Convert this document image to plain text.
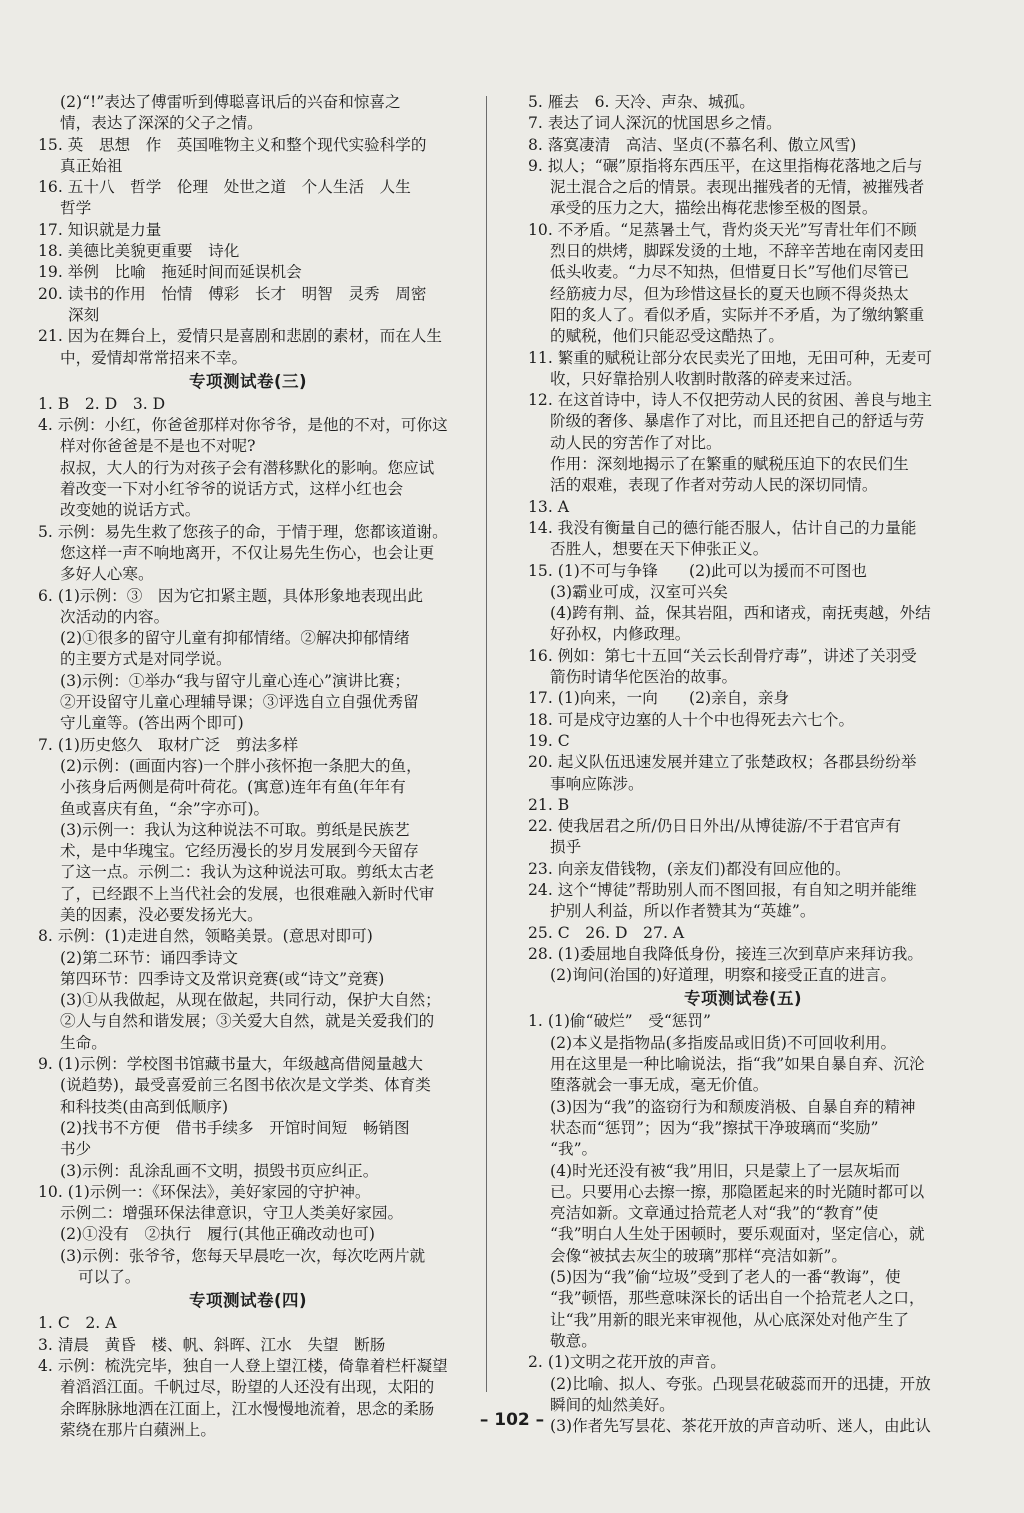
(2)“!”表达了傅雷听到傅聪喜讯后的兴奋和惊喜之
情，表达了深深的父子之情。
15. 英　思想　作　英国唯物主义和整个现代实验科学的
真正始祖
16. 五十八　哲学　伦理　处世之道　个人生活　人生
哲学
17. 知识就是力量
18. 美德比美貌更重要　诗化
19. 举例　比喻　拖延时间而延误机会
20. 读书的作用　怡情　傅彩　长才　明智　灵秀　周密
深刻
21. 因为在舞台上，爱情只是喜剧和悲剧的素材，而在人生
中，爱情却常常招来不幸。
专项测试卷(三)
1. B　2. D　3. D
4. 示例：小红，你爸爸那样对你爷爷，是他的不对，可你这
样对你爸爸是不是也不对呢?
叔叔，大人的行为对孩子会有潜移默化的影响。您应试
着改变一下对小红爷爷的说话方式，这样小红也会
改变她的说话方式。
5. 示例：易先生救了您孩子的命，于情于理，您都该道谢。
您这样一声不响地离开，不仅让易先生伤心，也会让更
多好人心寒。
6. (1)示例：③　因为它扣紧主题，具体形象地表现出此
次活动的内容。
(2)①很多的留守儿童有抑郁情绪。②解决抑郁情绪
的主要方式是对同学说。
(3)示例：①举办“我与留守儿童心连心”演讲比赛；
②开设留守儿童心理辅导课；③评选自立自强优秀留
守儿童等。(答出两个即可)
7. (1)历史悠久　取材广泛　剪法多样
(2)示例：(画面内容)一个胖小孩怀抱一条肥大的鱼，
小孩身后两侧是荷叶荷花。(寓意)连年有鱼(年年有
鱼或喜庆有鱼，“余”字亦可)。
(3)示例一：我认为这种说法不可取。剪纸是民族艺
术，是中华瑰宝。它经历漫长的岁月发展到今天留存
了这一点。示例二：我认为这种说法可取。剪纸太古老
了，已经跟不上当代社会的发展，也很难融入新时代审
美的因素，没必要发扬光大。
8. 示例：(1)走进自然，领略美景。(意思对即可)
(2)第二环节：诵四季诗文
第四环节：四季诗文及常识竞赛(或“诗文”竞赛)
(3)①从我做起，从现在做起，共同行动，保护大自然；
②人与自然和谐发展；③关爱大自然，就是关爱我们的
生命。
9. (1)示例：学校图书馆藏书量大，年级越高借阅量越大
(说趋势)，最受喜爱前三名图书依次是文学类、体育类
和科技类(由高到低顺序)
(2)找书不方便　借书手续多　开馆时间短　畅销图
书少
(3)示例：乱涂乱画不文明，损毁书页应纠正。
10. (1)示例一：《环保法》，美好家园的守护神。
示例二：增强环保法律意识，守卫人类美好家园。
(2)①没有　②执行　履行(其他正确改动也可)
(3)示例：张爷爷，您每天早晨吃一次，每次吃两片就
可以了。
专项测试卷(四)
1. C　2. A
3. 清晨　黄昏　楼、帆、斜晖、江水　失望　断肠
4. 示例：梳洗完毕，独自一人登上望江楼，倚靠着栏杆凝望
着滔滔江面。千帆过尽，盼望的人还没有出现，太阳的
余晖脉脉地洒在江面上，江水慢慢地流着，思念的柔肠
萦绕在那片白蘋洲上。
5. 雁去　6. 天冷、声杂、城孤。
7. 表达了词人深沉的忧国思乡之情。
8. 落寞凄清　高洁、坚贞(不慕名利、傲立风雪)
9. 拟人；“碾”原指将东西压平，在这里指梅花落地之后与
泥土混合之后的情景。表现出摧残者的无情，被摧残者
承受的压力之大，描绘出梅花悲惨至极的图景。
10. 不矛盾。“足蒸暑土气，背灼炎天光”写青壮年们不顾
烈日的烘烤，脚踩发烫的土地，不辞辛苦地在南冈麦田
低头收麦。“力尽不知热，但惜夏日长”写他们尽管已
经筋疲力尽，但为珍惜这昼长的夏天也顾不得炎热太
阳的炙人了。看似矛盾，实际并不矛盾，为了缴纳繁重
的赋税，他们只能忍受这酷热了。
11. 繁重的赋税让部分农民卖光了田地，无田可种，无麦可
收，只好靠拾别人收割时散落的碎麦来过活。
12. 在这首诗中，诗人不仅把劳动人民的贫困、善良与地主
阶级的奢侈、暴虐作了对比，而且还把自己的舒适与劳
动人民的穷苦作了对比。
作用：深刻地揭示了在繁重的赋税压迫下的农民们生
活的艰难，表现了作者对劳动人民的深切同情。
13. A
14. 我没有衡量自己的德行能否服人，估计自己的力量能
否胜人，想要在天下伸张正义。
15. (1)不可与争锋　　(2)此可以为援而不可图也
(3)霸业可成，汉室可兴矣
(4)跨有荆、益，保其岩阻，西和诸戎，南抚夷越，外结
好孙权，内修政理。
16. 例如：第七十五回“关云长刮骨疗毒”，讲述了关羽受
箭伤时请华佗医治的故事。
17. (1)向来，一向　　(2)亲自，亲身
18. 可是戍守边塞的人十个中也得死去六七个。
19. C
20. 起义队伍迅速发展并建立了张楚政权；各郡县纷纷举
事响应陈涉。
21. B
22. 使我居君之所/仍日日外出/从博徒游/不于君官声有
损乎
23. 向亲友借钱物，(亲友们)都没有回应他的。
24. 这个“博徒”帮助别人而不图回报，有自知之明并能维
护别人利益，所以作者赞其为“英雄”。
25. C　26. D　27. A
28. (1)委屈地自我降低身份，接连三次到草庐来拜访我。
(2)询问(治国的)好道理，明察和接受正直的进言。
专项测试卷(五)
1. (1)偷“破烂”　受“惩罚”
(2)本义是指物品(多指废品或旧货)不可回收利用。
用在这里是一种比喻说法，指“我”如果自暴自弃、沉沦
堕落就会一事无成，毫无价值。
(3)因为“我”的盗窃行为和颓废消极、自暴自弃的精神
状态而“惩罚”；因为“我”擦拭干净玻璃而“奖励”
“我”。
(4)时光还没有被“我”用旧，只是蒙上了一层灰垢而
已。只要用心去擦一擦，那隐匿起来的时光随时都可以
亮洁如新。文章通过拾荒老人对“我”的“教育”使
“我”明白人生处于困顿时，要乐观面对，坚定信心，就
会像“被拭去灰尘的玻璃”那样“亮洁如新”。
(5)因为“我”偷“垃圾”受到了老人的一番“教诲”，使
“我”顿悟，那些意味深长的话出自一个拾荒老人之口，
让“我”用新的眼光来审视他，从心底深处对他产生了
敬意。
2. (1)文明之花开放的声音。
(2)比喻、拟人、夸张。凸现昙花破蕊而开的迅捷，开放
瞬间的灿然美好。
(3)作者先写昙花、茶花开放的声音动听、迷人，由此认
– 102 –
